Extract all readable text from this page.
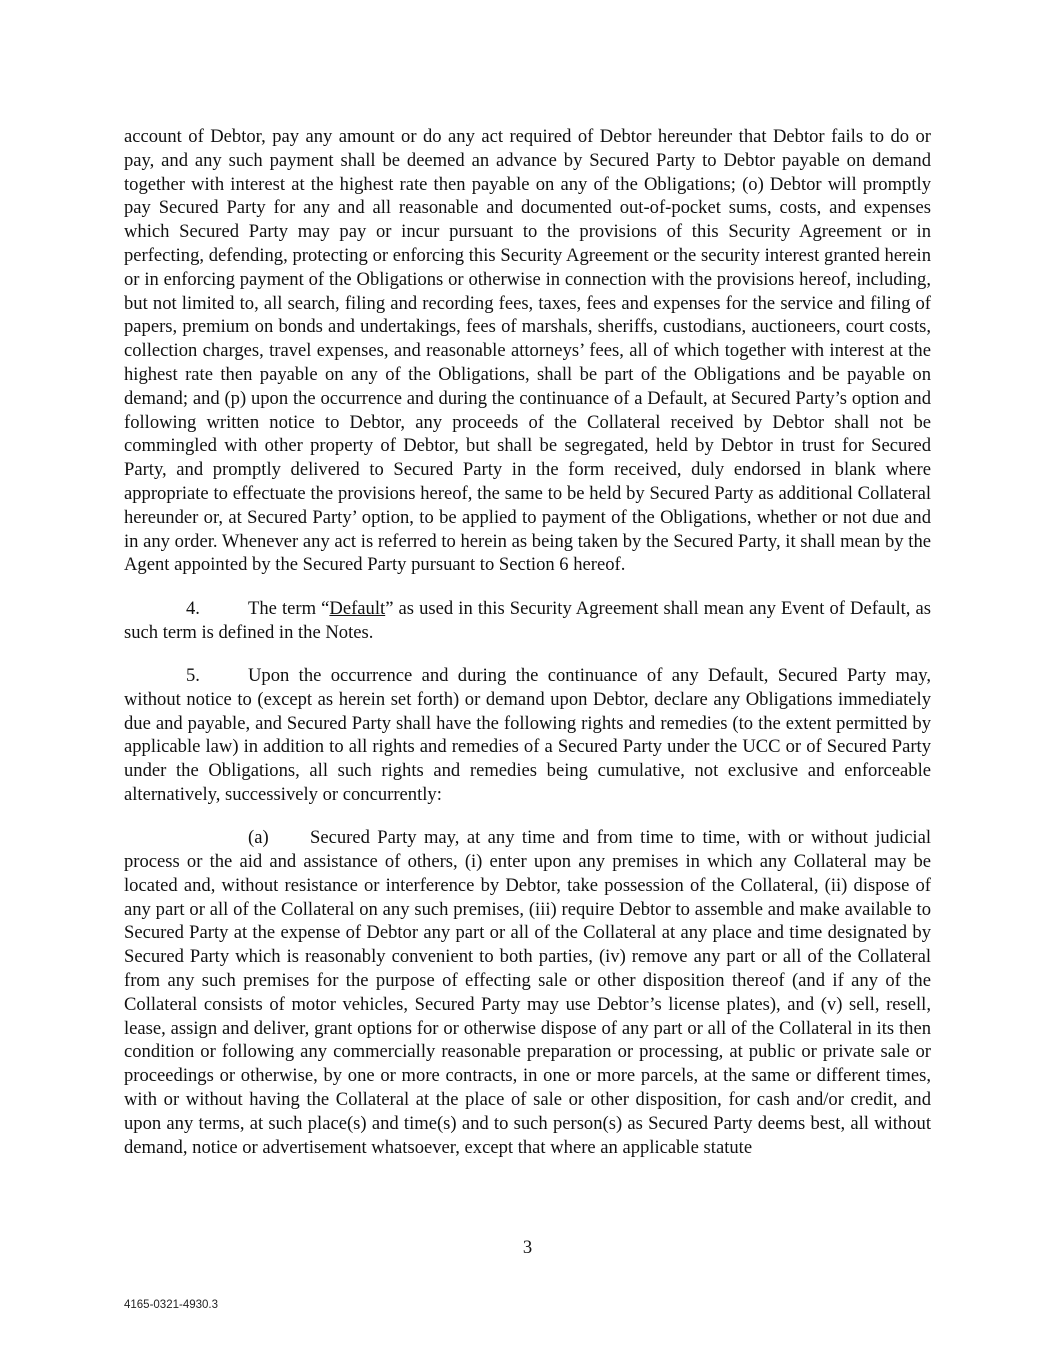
account of Debtor, pay any amount or do any act required of Debtor hereunder that Debtor fails to do or pay, and any such payment shall be deemed an advance by Secured Party to Debtor payable on demand together with interest at the highest rate then payable on any of the Obligations; (o) Debtor will promptly pay Secured Party for any and all reasonable and documented out-of-pocket sums, costs, and expenses which Secured Party may pay or incur pursuant to the provisions of this Security Agreement or in perfecting, defending, protecting or enforcing this Security Agreement or the security interest granted herein or in enforcing payment of the Obligations or otherwise in connection with the provisions hereof, including, but not limited to, all search, filing and recording fees, taxes, fees and expenses for the service and filing of papers, premium on bonds and undertakings, fees of marshals, sheriffs, custodians, auctioneers, court costs, collection charges, travel expenses, and reasonable attorneys’ fees, all of which together with interest at the highest rate then payable on any of the Obligations, shall be part of the Obligations and be payable on demand; and (p) upon the occurrence and during the continuance of a Default, at Secured Party’s option and following written notice to Debtor, any proceeds of the Collateral received by Debtor shall not be commingled with other property of Debtor, but shall be segregated, held by Debtor in trust for Secured Party, and promptly delivered to Secured Party in the form received, duly endorsed in blank where appropriate to effectuate the provisions hereof, the same to be held by Secured Party as additional Collateral hereunder or, at Secured Party’ option, to be applied to payment of the Obligations, whether or not due and in any order. Whenever any act is referred to herein as being taken by the Secured Party, it shall mean by the Agent appointed by the Secured Party pursuant to Section 6 hereof.

4.	The term “Default” as used in this Security Agreement shall mean any Event of Default, as such term is defined in the Notes.

5.	Upon the occurrence and during the continuance of any Default, Secured Party may, without notice to (except as herein set forth) or demand upon Debtor, declare any Obligations immediately due and payable, and Secured Party shall have the following rights and remedies (to the extent permitted by applicable law) in addition to all rights and remedies of a Secured Party under the UCC or of Secured Party under the Obligations, all such rights and remedies being cumulative, not exclusive and enforceable alternatively, successively or concurrently:

(a) Secured Party may, at any time and from time to time, with or without judicial process or the aid and assistance of others, (i) enter upon any premises in which any Collateral may be located and, without resistance or interference by Debtor, take possession of the Collateral, (ii) dispose of any part or all of the Collateral on any such premises, (iii) require Debtor to assemble and make available to Secured Party at the expense of Debtor any part or all of the Collateral at any place and time designated by Secured Party which is reasonably convenient to both parties, (iv) remove any part or all of the Collateral from any such premises for the purpose of effecting sale or other disposition thereof (and if any of the Collateral consists of motor vehicles, Secured Party may use Debtor’s license plates), and (v) sell, resell, lease, assign and deliver, grant options for or otherwise dispose of any part or all of the Collateral in its then condition or following any commercially reasonable preparation or processing, at public or private sale or proceedings or otherwise, by one or more contracts, in one or more parcels, at the same or different times, with or without having the Collateral at the place of sale or other disposition, for cash and/or credit, and upon any terms, at such place(s) and time(s) and to such person(s) as Secured Party deems best, all without demand, notice or advertisement whatsoever, except that where an applicable statute

3
4165-0321-4930.3
